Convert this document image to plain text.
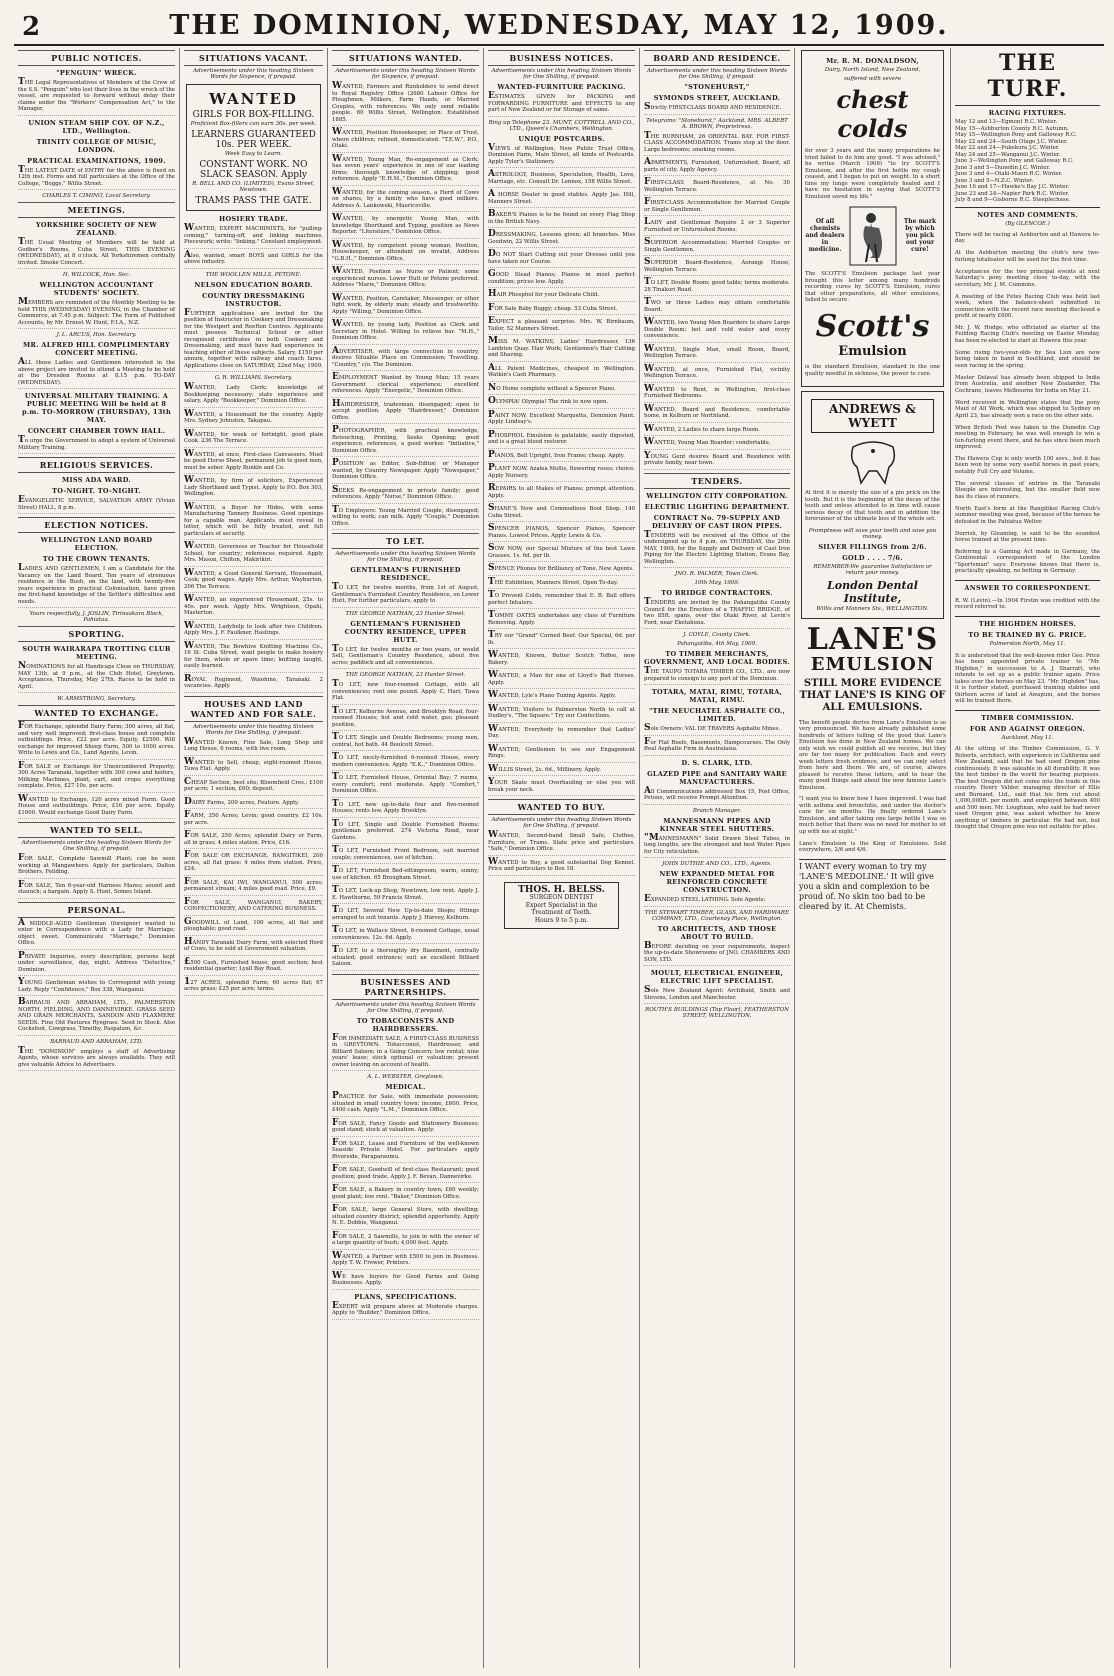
2	THE DOMINION, WEDNESDAY, MAY 12, 1909.
PUBLIC NOTICES.
"PENGUIN" WRECK.

THE Legal Representatives of Members of the Crew of the S.S. "Penguin" who lost their lives in the wreck of the vessel, are requested to forward without delay their claims under the "Workers' Compensation Act," to the Manager,

UNION STEAM SHIP COY. OF N.Z., LTD., Wellington.
TRINITY COLLEGE OF MUSIC, LONDON.
PRACTICAL EXAMINATIONS, 1909.

THE LATEST DATE of ENTRY for the above is fixed on 12th inst. Forms and full particulars at the Office of the College, "Boggs," Willis Street.

CHARLES T. CIMINO, Local Secretary.
MEETINGS.
YORKSHIRE SOCIETY OF NEW ZEALAND.

THE Usual Meeting of Members will be held at Godber's Rooms, Cuba Street, THIS EVENING (WEDNESDAY), at 8 o'clock. All Yorkshiremen cordially invited. Smoke Concert.

H. WILCOCK, Hon. Sec.
WELLINGTON ACCOUNTANT STUDENTS' SOCIETY.

MEMBERS are reminded of the Monthly Meeting to be held THIS (WEDNESDAY) EVENING, in the Chamber of Commerce, at 7.45 p.m. Subject: The Form of Published Accounts, by Mr. Ernest W. Hunt, F.I.A., N.Z.

J. L. ARCUS, Hon. Secretary.
MR. ALFRED HILL COMPLIMENTARY CONCERT MEETING.

ALL those Ladies and Gentlemen interested in the above project are invited to attend a Meeting to be held at the Dresden Rooms at 8.15 p.m. TO-DAY (WEDNESDAY).

UNIVERSAL MILITARY TRAINING. A PUBLIC MEETING Will be held at 8 p.m. TO-MORROW (THURSDAY), 13th MAY.
CONCERT CHAMBER TOWN HALL.

To urge the Government to adopt a system of Universal Military Training.

RELIGIOUS SERVICES.
MISS ADA WARD.
TO-NIGHT. TO-NIGHT.

EVANGELISTIC SERVICE, SALVATION ARMY (Vivian Street) HALL, 8 p.m.

ELECTION NOTICES.
WELLINGTON LAND BOARD ELECTION.
TO THE CROWN TENANTS.

LADIES AND GENTLEMEN, I am a Candidate for the Vacancy on the Land Board. Ten years of strenuous residence in the Bush, on the land, with twenty-five years experience in practical Colonisation, have given me first-hand knowledge of the Settler's difficulties and needs.

Yours respectfully, J. JOSLIN, Tirinaakara Block, Pahiatua.
SPORTING.
SOUTH WAIRARAPA TROTTING CLUB MEETING.

NOMINATIONS for all Handicaps Close on THURSDAY, MAY 13th, at 9 p.m., at the Club Hotel, Greytown. Acceptances, Thursday, May 27th. Races to be held in April.

W. ARMSTRONG, Secretary.
WANTED TO EXCHANGE.

FOR Exchange, splendid Dairy Farm; 300 acres, all flat, and very well improved; first-class house and complete outbuildings. Price, £22 per acre. Equity, £2500. Will exchange for improved Sheep Farm, 500 to 1000 acres. Write to Lewis and Co., Land Agents, Levin.

FOR SALE or Exchange for Unencumbered Property; 300 Acres Taranaki, together with 300 cows and heifers, Milking Machines, plant, cart, and crops; everything complete. Price, £27 10s. per acre.

WANTED to Exchange, 120 acres mixed Farm. Good House and outbuildings. Price, £16 per acre. Equity, £1600. Would exchange Good Dairy Farm.

WANTED TO SELL.
Advertisements under this heading Sixteen Words for One Shilling, if prepaid.

FOR SALE, Complete Sawmill Plant; can be seen working at Mangawhero. Apply for particulars, Dalton Brothers, Feilding.

FOR SALE, Ten 6-year-old Harness Mares; sound and staunch; a bargain. Apply S. Hunt, Somes Island.

PERSONAL.

A MIDDLE-AGED Gentleman (foreigner) wanted to enter in Correspondence with a Lady for Marriage; object sweet. Communicate "Marriage," Dominion Office.

PRIVATE Inquiries, every description; persons kept under surveillance, day, night. Address "Detective," Dominion.

YOUNG Gentleman wishes to Correspond with young Lady. Reply "Confidence," Box 338, Wanganui.

BARRAUD AND ABRAHAM, LTD., PALMERSTON NORTH, FIELDING, AND DANNEVIRKE. GRASS SEED AND GRAIN MERCHANTS, SANDON AND FLAXMERE SEEDS. Fine Old Pastures Ryegrass. Seed in Stock. Also Cocksfoot, Cowgrass, Timothy, Paspalum, &c.

BARRAUD AND ABRAHAM, LTD.

THE "DOMINION" employs a staff of Advertising Agents, whose services are always available. They will give valuable Advice to Advertisers.

SITUATIONS VACANT.
Advertisements under this heading Sixteen Words for Sixpence, if prepaid.
WANTED
GIRLS FOR BOX-FILLING.
Proficient Box-fillers can earn 30s. per week.
LEARNERS GUARANTEED 10s. PER WEEK.
Week Easy to Learn.
CONSTANT WORK. NO SLACK SEASON. Apply
R. BELL AND CO. (LIMITED), Evans Street, Newtown.
TRAMS PASS THE GATE.
HOSIERY TRADE.

WANTED, EXPERT MACHINISTS, for "pulling-coming," turning-off, and linking machines. Piecework; write: "linking." Constant employment.

Also, wanted, smart BOYS and GIRLS for the above industry.

THE WOOLLEN MILLS, PETONE.
NELSON EDUCATION BOARD.
COUNTRY DRESSMAKING INSTRUCTOR.

FURTHER applications are invited for the position of Instructor in Cookery and Dressmaking for the Westport and Reefton Centres. Applicants must possess Technical School or other recognised certificates in both Cookery and Dressmaking, and must have had experience in teaching either of these subjects. Salary, £150 per annum, together with railway and coach fares. Applications close on SATURDAY, 22nd May, 1909.

G. R. WILLIAMS, Secretary.

WANTED, Lady Clerk; knowledge of Bookkeeping necessary; state experience and salary. Apply "Bookkeeper," Dominion Office.

WANTED, a Housemaid for the country. Apply Mrs. Sydney Johnston, Takapau.

WANTED, for week or fortnight, good plain Cook. 236 The Terrace.

WANTED, at once, First-class Canvassers. Must be good Horse Sheet, permanent job to good men, must be sober. Apply Bunkle and Co.

WANTED, by firm of solicitors, Experienced Lady Shorthand and Typist. Apply to P.O. Box 303, Wellington.

WANTED, a Buyer for Hides, with some Manufacturing Tannery Business. Good openings for a capable man. Applicants must reveal in letter, which will be fully treated, and full particulars of security.

WANTED, Governess or Teacher for Household School, for country; references required. Apply Mrs. Mason, Chilton, Makirikiri.

WANTED, a Good General Servant, Housemaid, Cook; good wages. Apply Mrs. Arthur, Wayburton, 206 The Terrace.

WANTED, an experienced Housemaid, 25s. to 40s. per week. Apply Mrs. Wrightson, Opahi, Masterton.

WANTED, Ladyhelp to look after two Children. Apply Mrs. J. F. Faulkner, Hastings.

WANTED, The Bowhive Knitting Machine Co., 16 St. Cuba Street, want people to make hosiery for them, whole or spare time; knitting taught, easily learned.

ROYAL Regiment, Waiohine, Taranaki. 2 vacancies. Apply.

HOUSES AND LAND WANTED AND FOR SALE.
Advertisements under this heading Sixteen Words for One Shilling, if prepaid.

WANTED Known, Fine Sale, Long Shop and Long House, 6 rooms, with live room.

WANTED to Sell, cheap, eight-roomed House, Tawa Flat. Apply.

CHEAP Section, best site; Bloomfield Cres.; £100 per acre; 1 section, £60; deposit.

DAIRY Farms, 200 acres, Feature. Apply.

FARM, 350 Acres; Levin; good country. £2 10s. per acre.

FOR SALE, 250 Acres, splendid Dairy or Farm, all in grass; 4 miles station. Price, £16.

FOR SALE OR EXCHANGE, RANGITIKEI, 200 acres, all flat grass; 4 miles from station. Price, £24.

FOR SALE, KAI IWI, WANGANUI, 500 acres; permanent stream; 4 miles good road. Price, £9.

FOR SALE, WANGANUI, BAKERY, CONFECTIONERY, AND CATERING BUSINESS.

GOODWILL of Land, 100 acres, all flat and ploughable; good road.

HANDY Taranaki Dairy Farm, with selected Herd of Cows, to be sold at Government valuation.

£500 Cash, Furnished house, good section; best residential quarter; Lyall Bay Road.

127 ACRES, splendid Farm; 60 acres flat; 67 acres grass; £25 per acre; terms.

SITUATIONS WANTED.
Advertisements under this heading Sixteen Words for Sixpence, if prepaid.

WANTED, Farmers and Runholders to send direct to Royal Registry Office (2680 Labour Office for Ploughmen, Milkers, Farm Hands, or Married Couples, with references. We only send reliable people. 80 Willis Street, Wellington. Established 1885.

WANTED, Position Housekeeper, or Place of Trust, where children; refined, domesticated. "T.E.W.", P.O., Otaki.

WANTED, Young Man, Re-engagement as Clerk; has seven years' experience in one of our leading firms; thorough knowledge of shipping; good reference. Apply "E.H.M.," Dominion Office.

WANTED, for the coming season, a Herd of Cows on shares, by a family who have good milkers. Address A. Lankowski, Mauriceville.

WANTED, by energetic Young Man, with knowledge Shorthand and Typing, position as News Reporter. "Literature," Dominion Office.

WANTED, by competent young woman, Position, Housekeeper, or attendant on invalid. Address "G.B.H.," Dominion Office.

WANTED, Position as Nurse or Patient; some experienced nurses. Lower Hutt or Petone preferred. Address "Marie," Dominion Office.

WANTED, Position, Caretaker, Messenger, or other light work, by elderly man; steady and trustworthy. Apply "Willing," Dominion Office.

WANTED, by young lady, Position as Clerk and Secretary in Hotel. Willing to relieve bar. "M.H.," Dominion Office.

ADVERTISER, with large connection in country, desires Situable Place on Commission; Travelling. "Country," c/o. The Dominion.

EMPLOYMENT Wanted by Young Man; 15 years Government clerical experience; excellent references. Apply "Energetic," Dominion Office.

HAIRDRESSER, tradesman, disengaged; open to accept position. Apply "Hairdresser," Dominion Office.

PHOTOGRAPHER, with practical knowledge, Retouching, Printing, Seeks Opening; good experience, references, a good worker. "Initiative," Dominion Office.

POSITION as Editor, Sub-Editor, or Manager wanted, by Country Newspaper. Apply "Newspaper," Dominion Office.

SEEKS Re-engagement in private family; good references. Apply "Nurse," Dominion Office.

TO Employers: Young Married Couple, disengaged; willing to work; can milk. Apply "Couple," Dominion Office.

TO LET.
Advertisements under this heading Sixteen Words for One Shilling, if prepaid.
GENTLEMAN'S FURNISHED RESIDENCE.

TO LET, for twelve months, from 1st of August, Gentleman's Furnished Country Residence, on Lower Hutt. For further particulars, apply to

THE GEORGE NATHAN, 23 Hunter Street.
GENTLEMAN'S FURNISHED COUNTRY RESIDENCE, UPPER HUTT.

TO LET, for twelve months or two years, or would Sell, Gentleman's Country Residence, about five acres; paddock and all conveniences.

THE GEORGE NATHAN, 23 Hunter Street.

TO LET, new four-roomed Cottage, with all conveniences; rent one pound. Apply C. Hart, Tawa Flat.

TO LET, Kelburne Avenue, and Brooklyn Road, four-roomed Houses; hot and cold water, gas; pleasant position.

TO LET, Single and Double Bedrooms; young men, central, hot bath. 44 Boulcott Street.

TO LET, nicely-furnished 6-roomed House, every modern convenience. Apply "E.K.," Dominion Office.

TO LET, Furnished House, Oriental Bay; 7 rooms, every comfort; rent moderate. Apply "Comfort," Dominion Office.

TO LET, new up-to-date four and five-roomed Houses; rents low. Apply Brooklyn.

TO LET, Single and Double Furnished Rooms; gentleman preferred. 274 Victoria Road, near Gardens.

TO LET, Furnished Front Bedroom, suit married couple; conveniences, use of kitchen.

TO LET, Furnished Bed-sittingroom, warm, sunny; use of kitchen. 65 Brougham Street.

TO LET, Lock-up Shop, Newtown, low rent. Apply J. E. Hawthorne, 59 Francis Street.

TO LET, Several New Up-to-date Shops; fittings arranged to suit tenants. Apply J. Harvey, Kelburn.

TO LET, in Wallace Street, 6-roomed Cottage, usual conveniences. 12s. 6d. Apply.

TO LET, to a thoroughly dry Basement, centrally situated; good entrance; suit an excellent Billiard Saloon.

BUSINESSES AND PARTNERSHIPS.
Advertisements under this heading Sixteen Words for One Shilling, if prepaid.
TO TOBACCONISTS AND HAIRDRESSERS.

FOR IMMEDIATE SALE, A FIRST-CLASS BUSINESS in GREYTOWN. Tobacconist, Hairdresser, and Billiard Saloon; in a Going Concern; low rental; nine years' lease; stock optional or valuation; present owner leaving on account of health.

A. L. WEBSTER, Greytown.
MEDICAL.

PRACTICE for Sale, with immediate possession; situated in small country town; income, £600. Price, £400 cash. Apply "L.M.," Dominion Office.

FOR SALE, Fancy Goods and Stationery Business; good stand; stock at valuation. Apply.

FOR SALE, Lease and Furniture of the well-known Seaside Private Hotel. For particulars apply Riverside, Paraparaumu.

FOR SALE, Goodwill of first-class Restaurant; good position; good trade. Apply J. F. Bevan, Dannevirke.

FOR SALE, a Bakery in country town; £60 weekly; good plant; low rent. "Baker," Dominion Office.

FOR SALE, large General Store, with dwelling; situated country district; splendid opportunity. Apply N. E. Dobbie, Wanganui.

FOR SALE, 2 Sawmills, to join in with the owner of a large quantity of bush; 4,000 feet. Apply.

WANTED, a Partner with £500 to join in Business. Apply T. W. Frewer, Printers.

WE have buyers for Good Farms and Going Businesses. Apply.

PLANS, SPECIFICATIONS.

EXPERT will prepare above at Moderate charges. Apply to "Builder," Dominion Office.

BUSINESS NOTICES.
Advertisements under this heading Sixteen Words for One Shilling, if prepaid.
WANTED-FURNITURE PACKING.

ESTIMATES GIVEN for PACKING and FORWARDING FURNITURE and EFFECTS to any part of New Zealand or for Storage of same.

Ring up Telephone 23. MUNT, COTTRELL AND CO., LTD., Queen's Chambers, Wellington.
UNIQUE POSTCARDS.

VIEWS of Wellington, New Public Trust Office, Dominion Farm, Main Street, all kinds of Postcards. Apply Tyler's Stationery.

ASTROLOGY, Business, Speculation, Health, Love, Marriage, etc. Consult Dr. Lennox, 158 Willis Street.

A HORSE Dealer in good stables. Apply Jas. Hill, Manners Street.

BAKER'S Pianos is to be found on every Flag Shop in the British Navy.

DRESSMAKING, Lessons given; all branches. Miss Goodwin, 22 Willis Street.

DO NOT Start Cutting out your Dresses until you have taken our Course.

GOOD Stead Pianos; Pianos in most perfect condition; prices low. Apply.

HAIR Phosphol for your Delicate Child.

FOR Sale Baby Buggy; cheap. 53 Cuba Street.

EXPECT a pleasant surprise. Mrs. W. Birnbaum, Tailor, 52 Manners Street.

MISS M. WATKINS, Ladies' Hairdresser, 136 Lambton Quay. Hair Work; Gentlemen's Hair Cutting and Shaving.

ALL Patent Medicines, cheapest in Wellington. Watkin's Cash Pharmacy.

NO Home complete without a Spencer Piano.

OLYMPIA! Olympia! The rink to now open.

PAINT NOW, Excellent Marquetta, Dominion Paint. Apply Lindsay's.

PHOSPHOL Emulsion is palatable, easily digested, and is a great blood restorer.

PIANOS, Bell Upright, Iron Frame; cheap. Apply.

PLANT NOW, Azalea Mollis, flowering roses; choice. Apply Nursery.

REPAIRS to all Makes of Pianos; prompt attention. Apply.

SHANE'S New and Commodious Boot Shop. 140 Cuba Street.

SPENCER PIANOS, Spencer Pianos, Spencer Pianos. Lowest Prices. Apply Lewis & Co.

SOW NOW, our Special Mixture of the best Lawn Grasses. 1s. 6d. per lb.

SPENCE Phones for Brilliancy of Tone. New Agents.

THE Exhibition, Manners Street, Open To-day.

TO Prevent Colds, remember that E. B. Ball offers perfect Inhalers.

TOMMY OATES undertakes any class of Furniture Removing. Apply.

TRY our "Grand" Corned Beef. Our Special, 6d. per lb.

WANTED, Known, Butter Scotch Toffee, new Bakery.

WANTED, a Man for one of Lloyd's Bad Horses. Apply.

WANTED, Lyle's Piano Tuning Agents. Apply.

WANTED, Visitors to Palmerston North to call at Dudley's, "The Square." Try our Confections.

WANTED, Everybody to remember that Ladies' Day.

WANTED, Gentlemen to see our Engagement Rings.

WILLIS Street, 2s. 6d., Millinery. Apply.

YOUR Skate must Overhauling or else you will break your neck.

WANTED TO BUY.
Advertisements under this heading Sixteen Words for One Shilling, if prepaid.

WANTED, Second-hand Small Safe, Clothes, Furniture, or Trams. State price and particulars. "Safe," Dominion Office.

WANTED to Buy, a good substantial Dog Kennel. Price and particulars to Box 18.

THOS. H. BELSS.
SURGEON DENTIST
Expert Specialist in the
Treatment of Teeth.
Hours 9 to 5 p.m.
BOARD AND RESIDENCE.
Advertisements under this heading Sixteen Words for One Shilling, if prepaid.
"STONEHURST,"
SYMONDS STREET, AUCKLAND.

Strictly FIRST-CLASS BOARD AND RESIDENCE.

Telegrams: "Stonehurst," Auckland. MRS. ALBERT A. BROWN, Proprietress.

THE BURNHAM, 26 ORIENTAL BAY. FOR FIRST-CLASS ACCOMMODATION. Trams stop at the door. Large bedrooms; smoking rooms.

APARTMENTS, Furnished, Unfurnished, Board, all parts of city. Apply Agency.

FIRST-CLASS Board-Residence, at No. 30 Wellington Terrace.

FIRST-CLASS Accommodation for Married Couple or Single Gentlemen.

LADY and Gentleman Require 2 or 3 Superior Furnished or Unfurnished Rooms.

SUPERIOR Accommodation; Married Couples or Single Gentlemen.

SUPERIOR Board-Residence, Aorangi House, Wellington Terrace.

TO LET, Double Room; good table; terms moderate. 28 Tinakori Road.

TWO or three Ladies may obtain comfortable Board.

WANTED, two Young Men Boarders to share Large Double Room; hot and cold water and every convenience.

WANTED, Single Man, small Room, Board, Wellington Terrace.

WANTED, at once, Furnished Flat, vicinity Wellington Terrace.

WANTED to Rent, in Wellington, first-class Furnished Bedrooms.

WANTED, Board and Residence, comfortable home, in Kelburn or Northland.

WANTED, 2 Ladies to share large Room.

WANTED, Young Man Boarder; comfortable.

YOUNG Gent desires Board and Residence with private family, near town.

TENDERS.
WELLINGTON CITY CORPORATION.
ELECTRIC LIGHTING DEPARTMENT.
CONTRACT No. 79-SUPPLY AND DELIVERY OF CAST IRON PIPES.

TENDERS will be received at the Office of the undersigned up to 4 p.m. on THURSDAY, the 20th MAY, 1909, for the Supply and Delivery of Cast Iron Piping for the Electric Lighting Station, Evans Bay, Wellington.

JNO. R. PALMER, Town Clerk.
10th May, 1909.
TO BRIDGE CONTRACTORS.

TENDERS are invited by the Pahangatiba County Council for the Erection of a TRAFFIC BRIDGE, of two 85ft. spans, over the Otaki River, at Levin's Ford, near Eketahuna.

J. COYLE, County Clerk.
Pahangatiba, 4th May, 1909.
TO TIMBER MERCHANTS, GOVERNMENT, AND LOCAL BODIES.

THE TAUPO TOTARA TIMBER CO., LTD., are now prepared to consign to any port of the Dominion.

TOTARA, MATAI, RIMU, TOTARA, MATAI, RIMU.
"THE NEUCHATEL ASPHALTE CO., LIMITED.

Sole Owners: VAL DE TRAVERS Asphalte Mines.

For Flat Roofs, Basements, Dampcourses. The Only Real Asphalte Firm in Australasia.

D. S. CLARK, LTD.
GLAZED PIPE and SANITARY WARE MANUFACTURERS.

All Communications addressed Box 15, Post Office, Petone, will receive Prompt Attention.

Branch Manager.
MANNESMANN PIPES AND KINNEAR STEEL SHUTTERS.

"MANNESMANN" Solid Drawn Steel Tubes, in long lengths, are the strongest and best Water Pipes for City reticulation.

JOHN DUTHIE AND CO., LTD., Agents.
NEW EXPANDED METAL FOR REINFORCED CONCRETE CONSTRUCTION.

EXPANDED STEEL LATHING. Sole Agents:

THE STEWART TIMBER, GLASS, AND HARDWARE COMPANY, LTD., Courtenay Place, Wellington.
TO ARCHITECTS, AND THOSE ABOUT TO BUILD.

BEFORE deciding on your requirements, inspect the up-to-date Showrooms of JNO. CHAMBERS AND SON, LTD.

MOULT, ELECTRICAL ENGINEER, ELECTRIC LIFT SPECIALIST.

Sole New Zealand Agent: Archibald, Smith and Stevens, London and Manchester.

ROUTH'S BUILDINGS (Top Floor), FEATHERSTON STREET, WELLINGTON.
Mr. R. M. DONALDSON,
Dairy, North Island, New Zealand,
suffered with severe
chest colds

for over 3 years and the many preparations he tried failed to do him any good. "I was advised," he writes (March 1908) "to try SCOTT'S Emulsion, and after the first bottle my cough ceased, and I began to put on weight. In a short time my lungs were completely healed and I have no hesitation in saying that SCOTT'S Emulsion saved my life."

Of all chemists and dealers in medicine.
The mark by which you pick out your cure!

The SCOTT'S Emulsion package last year brought this letter among many hundreds recording cures by SCOTT'S Emulsion, cures that other preparations, all other emulsions, failed to secure.

Scott's
Emulsion

is the standard Emulsion, standard in the one quality needful in sickness, the power to cure.

ANDREWS & WYETT

At first it is merely the size of a pin prick on the tooth. But it is the beginning of the decay of the tooth and unless attended to in time will cause serious decay of that tooth and in addition the forerunner of the ultimate loss of the whole set.

Promptness will save your teeth and save you money.
SILVER FILLINGS from 2/6.
GOLD . . . . 7/6.
REMEMBER-We guarantee Satisfaction or return your money.
London Dental Institute,
Willis and Manners Sts., WELLINGTON.
LANE'S
EMULSION
STILL MORE EVIDENCE THAT LANE'S IS KING OF ALL EMULSIONS.

The benefit people derive from Lane's Emulsion is so very pronounced. We have already published some hundreds of letters telling of the good that Lane's Emulsion has done in New Zealand homes. We can only wish we could publish all we receive, but they are far too many for publication. Each and every week letters fresh evidence, and we can only select from here and there. We are, of course, always pleased to receive these letters, and to hear the many good things said about the now famous Lane's Emulsion.

"I want you to know how I have improved. I was bad with asthma and bronchitis, and under the doctor's care for six months. He finally ordered Lane's Emulsion, and after taking one large bottle I was so much better that there was no need for mother to sit up with me at night."

Lane's Emulsion is the King of Emulsions. Sold everywhere, 2/6 and 4/6.

I WANT every woman to try my 'LANE'S MEDOLINE.' It will give you a skin and complexion to be proud of. No skin too bad to be cleared by it. At Chemists.
THE TURF.
RACING FIXTURES.
May 12 and 13—Egmont R.C. Winter.
May 15—Ashburton County R.C. Autumn.
May 15—Wellington Pony and Galloway R.C.
May 22 and 24—South Otago J.C. Winter.
May 22 and 24—Pukekura J.C. Winter.
May 24 and 25—Wanganui J.C. Winter.
June 3—Wellington Pony and Galloway R.C.
June 3 and 5—Dunedin J.C. Winter.
June 3 and 4—Otaki-Maori R.C. Winter.
June 3 and 5—N.Z.C. Winter.
June 16 and 17—Hawke's Bay J.C. Winter.
June 23 and 24—Napier Park R.C. Winter.
July 8 and 9—Gisborne R.C. Steeplechase.
NOTES AND COMMENTS.
(By GLENCOE.)

There will be racing at Ashburton and at Hawera to-day.

At the Ashburton meeting the club's new two-furlong totalisator will be used for the first time.

Acceptances for the two principal events at next Saturday's pony meeting close to-day, with the secretary, Mr. J. M. Cummins.

A meeting of the Fetes Racing Club was held last week, when the balance-sheet submitted in connection with the recent race meeting disclosed a profit of nearly £600.

Mr. J. W. Hodge, who officiated as starter at the Feilding Racing Club's meeting on Easter Monday, has been re-elected to start at Hawera this year.

Some rising two-year-olds by Sea Lion are now being taken in hand in Southland, and should be seen racing in the spring.

Master Delaval has already been shipped to India from Australia, and another New Zealander, The Cochrane, leaves Melbourne for India on May 21.

Word received in Wellington states that the pony Maid of All Work, which was shipped to Sydney on April 23, has already won a race on the other side.

When British Post was taken to the Dunedin Cup meeting in February, he was well enough to win a ten-furlong event there, and he has since been much improved.

The Hawera Cup is only worth 100 sovs., but it has been won by some very useful horses in past years, notably Full Cry and Volume.

The several classes of entries in the Taranaki Steeple are interesting, but the smaller field now has its class of runners.

North East's form at the Rangitikei Racing Club's summer meeting was good, because of the horses he defeated in the Pahiatua Welter.

Dorrish, by Gleaming, is said to be the soundest horse trained at the present time.

Referring to a Gaming Act made in Germany, the Continental correspondent of the London "Sportsman" says: Everyone knows that there is, practically speaking, no betting in Germany.

ANSWER TO CORRESPONDENT.

R. W. (Levin).—In 1904 Firstin was credited with the record referred to.

THE HIGHDEN HORSES.
TO BE TRAINED BY G. PRICE.
Palmerston North, May 11.

It is understood that the well-known rider Geo. Price has been appointed private trainer to "Mr. Highden," in succession to A. J. Sharratt, who intends to set up as a public trainer again. Price takes over the horses on May 23. "Mr. Highden" has, it is further stated, purchased training stables and thirteen acres of land at Awapuni, and the horses will be trained there.

TIMBER COMMISSION.
FOR AND AGAINST OREGON.
Auckland, May 11.

At the sitting of the Timber Commission, G. V. Roberts, architect, with experience in California and New Zealand, said that he had used Oregon pine continuously. It was saleable in all durability. It was the best timber in the world for bearing purposes. The best Oregon did not come into the trade in this country. Henry Valder, managing director of Ellis and Burnand, Ltd., said that his firm cut about 1,000,000ft. per month, and employed between 400 and 500 men. Mr. Loughnan, who said he had never used Oregon pine, was asked whether he knew anything of timbers in particular. He had not, but thought that Oregon pine was not suitable for piles.
